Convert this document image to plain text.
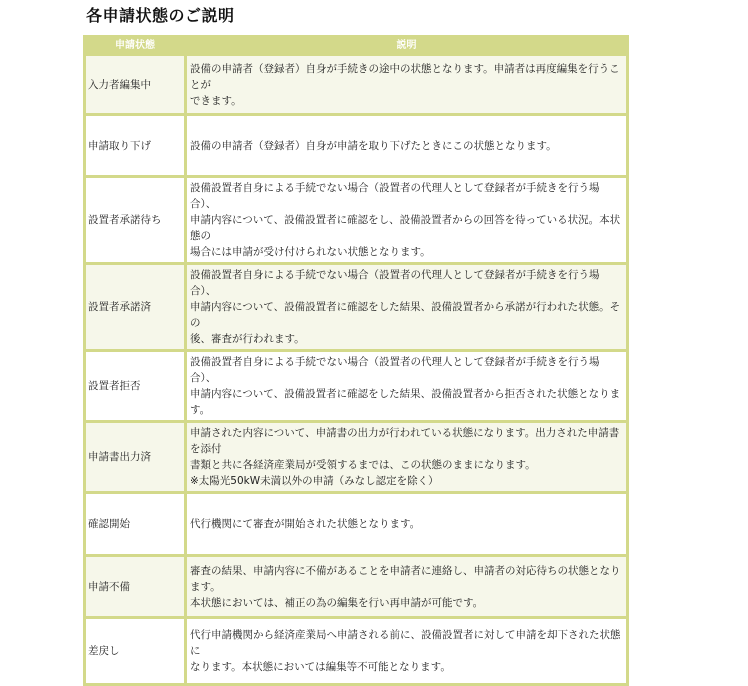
各申請状態のご説明
申請状態	説明
入力者編集中	
設備の申請者（登録者）自身が手続きの途中の状態となります。申請者は再度編集を行うことが
できます。

申請取り下げ	設備の申請者（登録者）自身が申請を取り下げたときにこの状態となります。

設置者承諾待ち	
設備設置者自身による手続でない場合（設置者の代理人として登録者が手続きを行う場合）、
申請内容について、設備設置者に確認をし、設備設置者からの回答を待っている状況。本状態の
場合には申請が受け付けられない状態となります。

設置者承諾済	
設備設置者自身による手続でない場合（設置者の代理人として登録者が手続きを行う場合）、
申請内容について、設備設置者に確認をした結果、設備設置者から承諾が行われた状態。その
後、審査が行われます。

設置者拒否	
設備設置者自身による手続でない場合（設置者の代理人として登録者が手続きを行う場合）、
申請内容について、設備設置者に確認をした結果、設備設置者から拒否された状態となります。

申請書出力済	
申請された内容について、申請書の出力が行われている状態になります。出力された申請書を添付
書類と共に各経済産業局が受領するまでは、この状態のままになります。
※太陽光50kW未満以外の申請（みなし認定を除く）

確認開始	代行機関にて審査が開始された状態となります。

申請不備	
審査の結果、申請内容に不備があることを申請者に連絡し、申請者の対応待ちの状態となります。
本状態においては、補正の為の編集を行い再申請が可能です。

差戻し	
代行申請機関から経済産業局へ申請される前に、設備設置者に対して申請を却下された状態に
なります。本状態においては編集等不可能となります。
